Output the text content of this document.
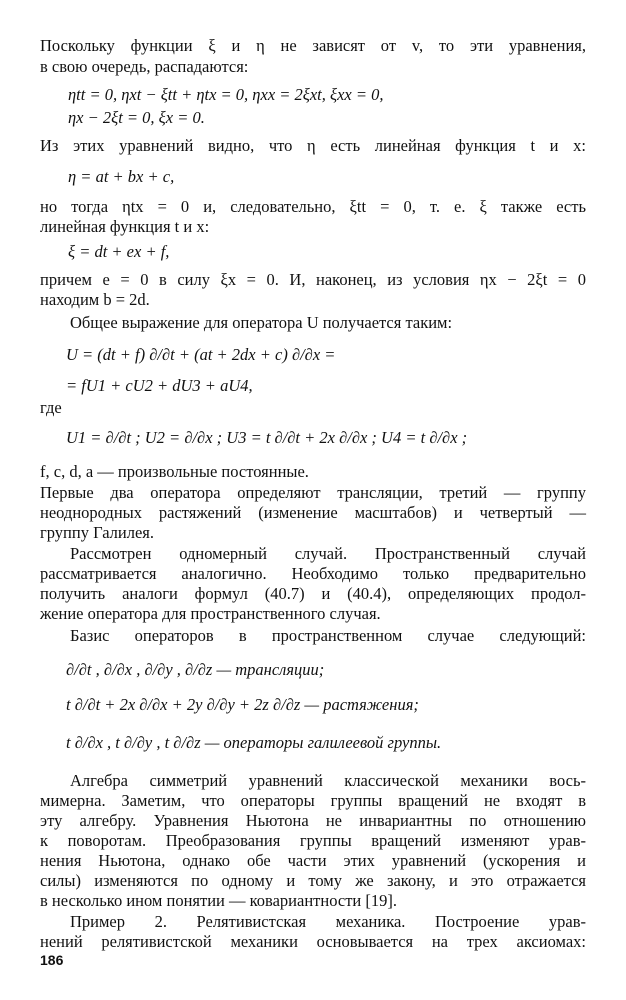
Поскольку функции ξ и η не зависят от v, то эти уравнения,
в свою очередь, распадаются:
ηtt = 0, ηxt − ξtt + ηtx = 0, ηxx = 2ξxt, ξxx = 0,
ηx − 2ξt = 0, ξx = 0.
Из этих уравнений видно, что η есть линейная функция t и x:
η = at + bx + c,
но тогда ηtx = 0 и, следовательно, ξtt = 0, т. е. ξ также есть
линейная функция t и x:
ξ = dt + ex + f,
причем e = 0 в силу ξx = 0. И, наконец, из условия ηx − 2ξt = 0
находим b = 2d.
Общее выражение для оператора U получается таким:
U = (dt + f) ∂/∂t + (at + 2dx + c) ∂/∂x =
= fU1 + cU2 + dU3 + aU4,
где
U1 = ∂/∂t ; U2 = ∂/∂x ; U3 = t ∂/∂t + 2x ∂/∂x ; U4 = t ∂/∂x ;
f, c, d, a — произвольные постоянные.
Первые два оператора определяют трансляции, третий — группу
неоднородных растяжений (изменение масштабов) и четвертый —
группу Галилея.
Рассмотрен одномерный случай. Пространственный случай
рассматривается аналогично. Необходимо только предварительно
получить аналоги формул (40.7) и (40.4), определяющих продол-
жение оператора для пространственного случая.
Базис операторов в пространственном случае следующий:
∂/∂t , ∂/∂x , ∂/∂y , ∂/∂z — трансляции;
t ∂/∂t + 2x ∂/∂x + 2y ∂/∂y + 2z ∂/∂z — растяжения;
t ∂/∂x , t ∂/∂y , t ∂/∂z — операторы галилеевой группы.
Алгебра симметрий уравнений классической механики вось-
мимерна. Заметим, что операторы группы вращений не входят в
эту алгебру. Уравнения Ньютона не инвариантны по отношению
к поворотам. Преобразования группы вращений изменяют урав-
нения Ньютона, однако обе части этих уравнений (ускорения и
силы) изменяются по одному и тому же закону, и это отражается
в несколько ином понятии — ковариантности [19].
Пример 2. Релятивистская механика. Построение урав-
нений релятивистской механики основывается на трех аксиомах:
186
